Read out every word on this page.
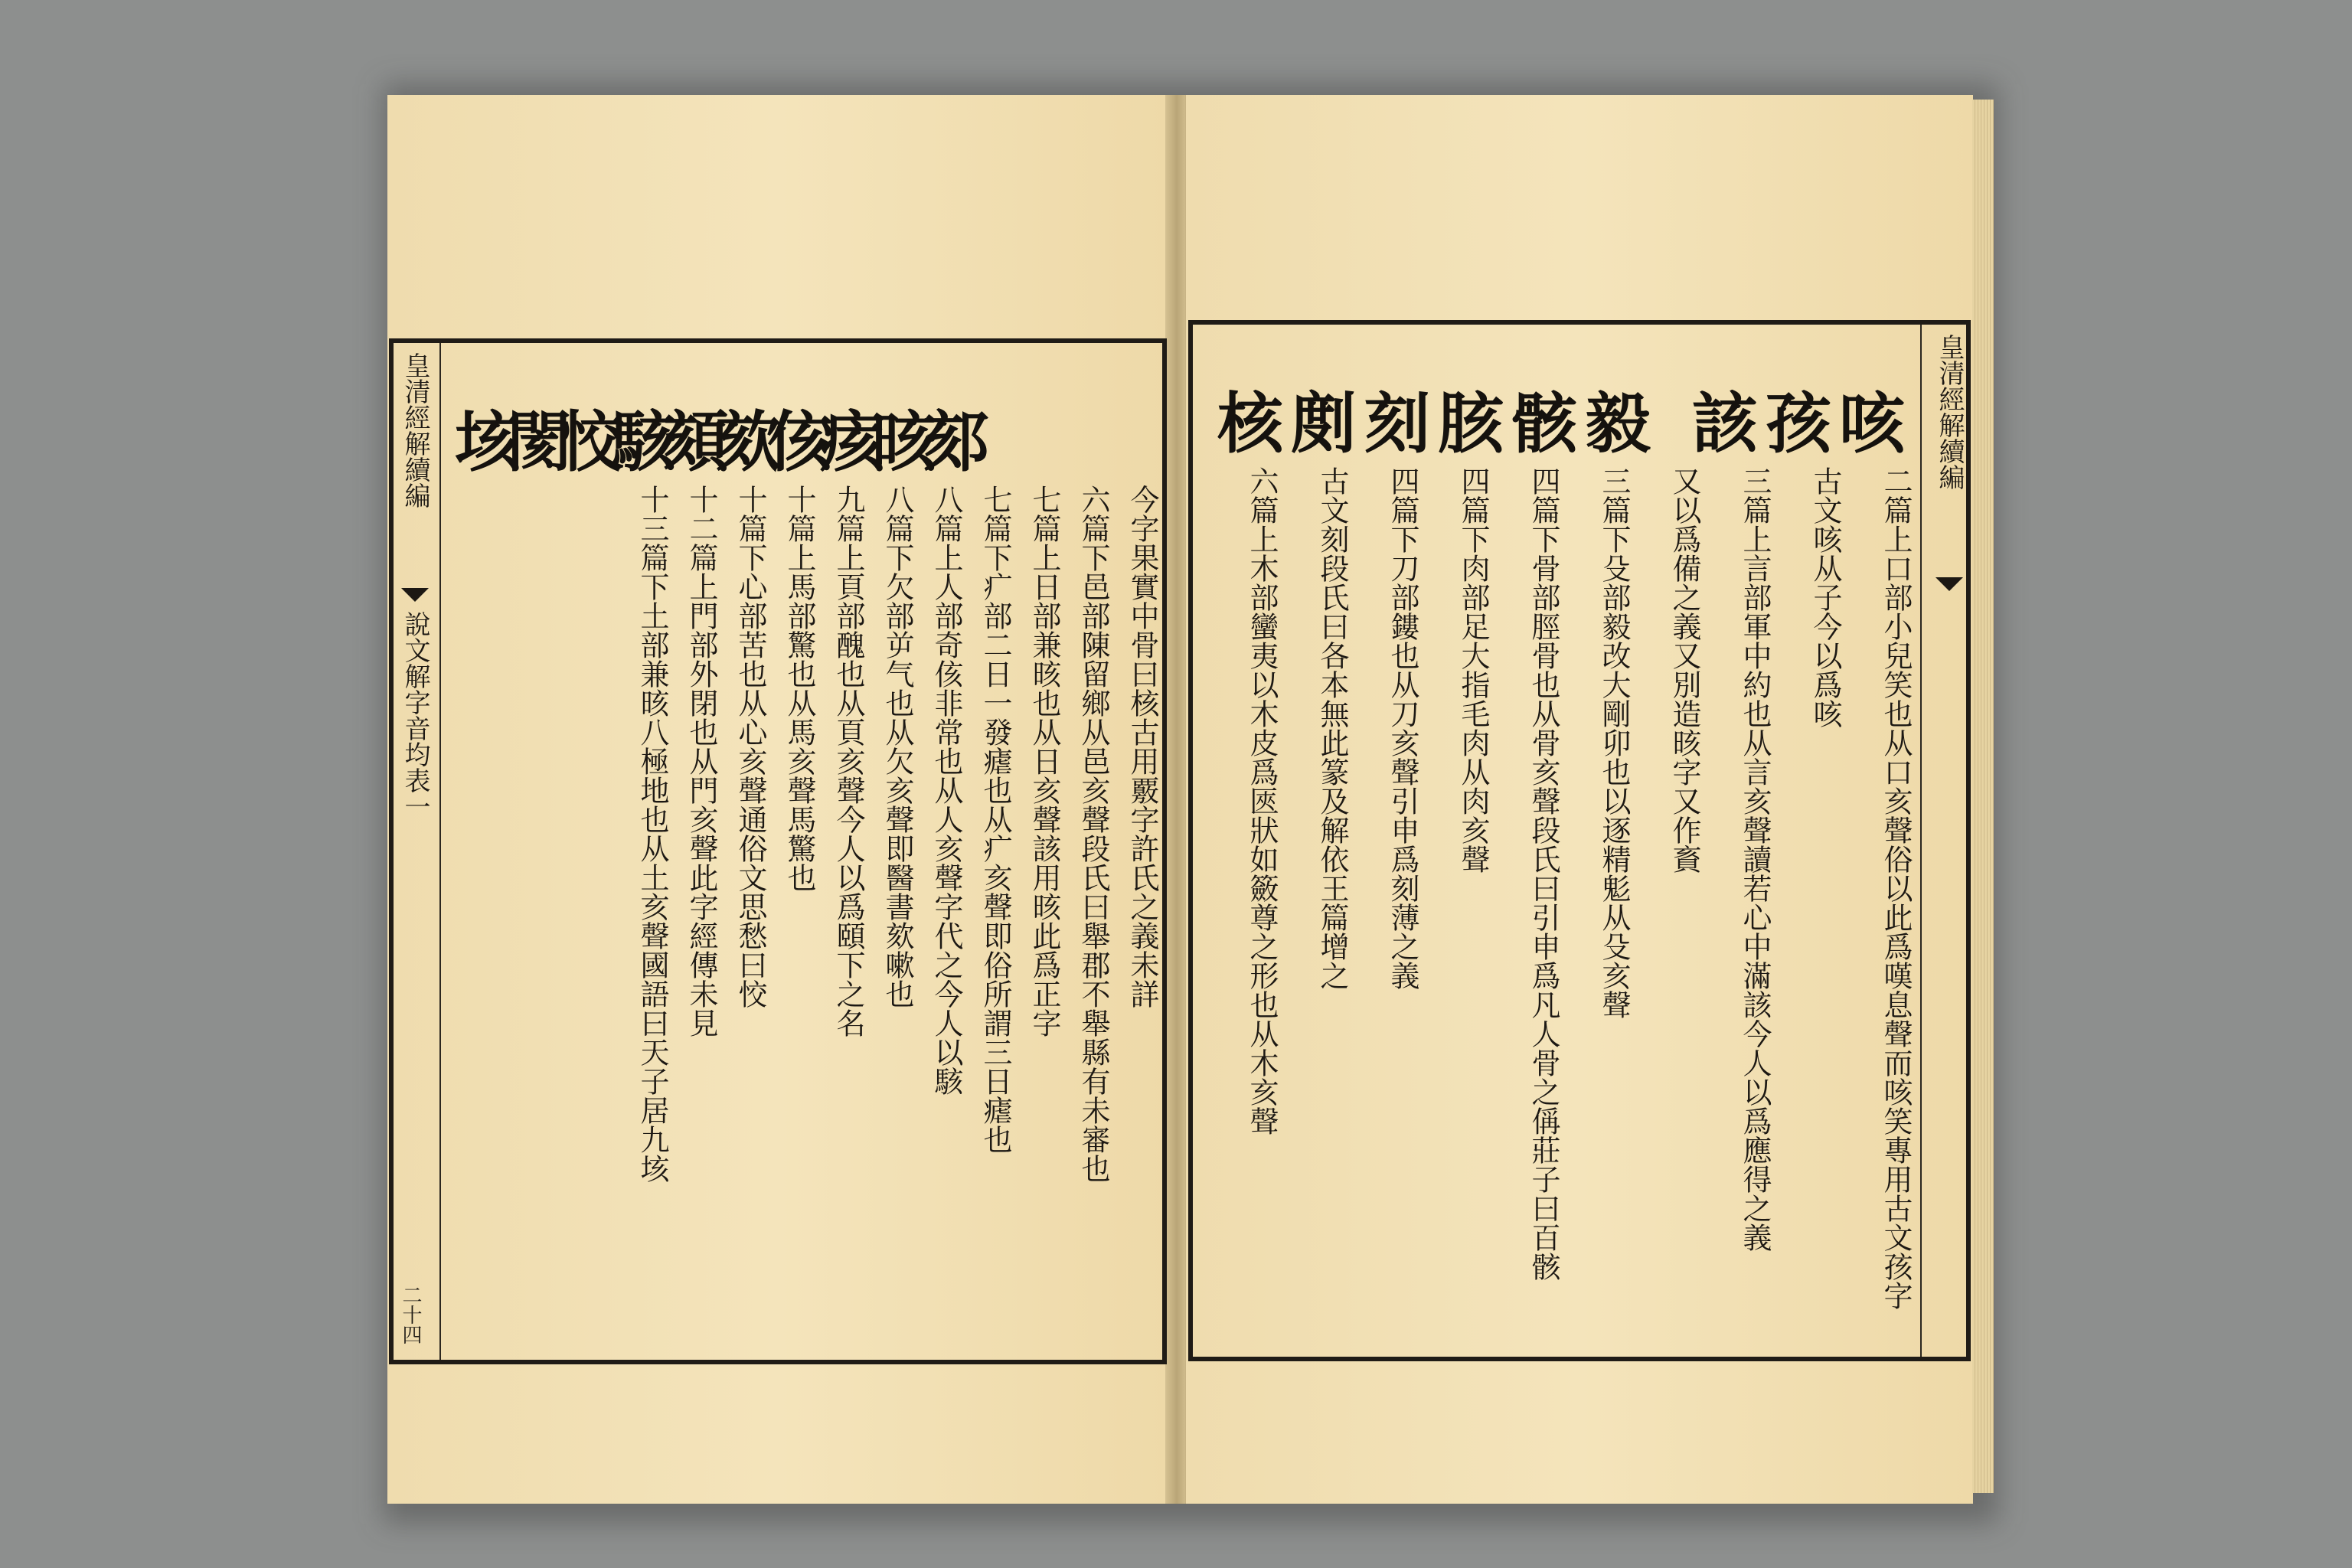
皇清經解續編
說文解字音均表一
二十四
垓
閡
恔
駭
頦
欬
侅
痎
晐
郂
今字果實中骨曰核古用覈字許氏之義未詳
六篇下邑部陳留鄉从邑亥聲段氏曰舉郡不舉縣有未審也
七篇上日部兼晐也从日亥聲該用晐此爲正字
七篇下疒部二日一發瘧也从疒亥聲即俗所謂三日瘧也
八篇上人部奇侅非常也从人亥聲字代之今人以駭
八篇下欠部屰气也从欠亥聲即醫書欬嗽也
九篇上頁部醜也从頁亥聲今人以爲頤下之名
十篇上馬部驚也从馬亥聲馬驚也
十篇下心部苦也从心亥聲通俗文思愁曰恔
十二篇上門部外閉也从門亥聲此字經傳未見
十三篇下土部兼晐八極地也从土亥聲國語曰天子居九垓
皇清經解續編
咳
孩
該
毅
骸
胲
刻
剫
核
二篇上口部小兒笑也从口亥聲俗以此爲嘆息聲而咳笑專用古文孩字
古文咳从子今以爲咳
三篇上言部軍中約也从言亥聲讀若心中滿該今人以爲應得之義
又以爲備之義又別造晐字又作賌
三篇下殳部毅改大剛卯也以逐精鬽从殳亥聲
四篇下骨部脛骨也从骨亥聲段氏曰引申爲凡人骨之偁莊子曰百骸
四篇下肉部足大指毛肉从肉亥聲
四篇下刀部鏤也从刀亥聲引申爲刻薄之義
古文刻段氏曰各本無此篆及解依王篇增之
六篇上木部蠻夷以木皮爲匧狀如籢尊之形也从木亥聲
